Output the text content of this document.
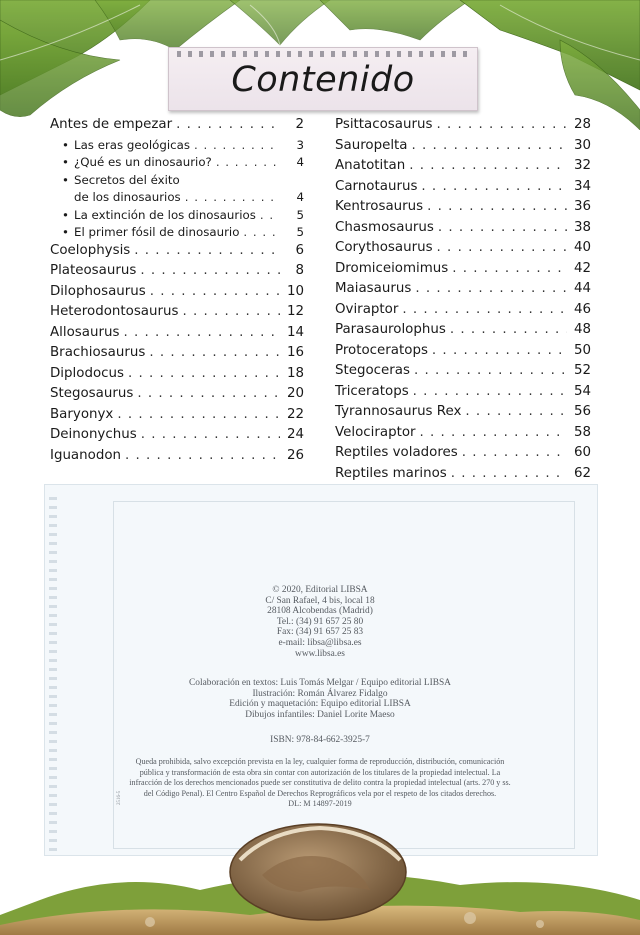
Contenido
Antes de empezar . . .	2
• Las eras geológicas . . .	3
• ¿Qué es un dinosaurio? . . .	4
• Secretos del éxito
de los dinosaurios . . .	4
• La extinción de los dinosaurios . . .	5
• El primer fósil de dinosaurio . . .	5
Coelophysis . . .	6
Plateosaurus . . .	8
Dilophosaurus . . .	10
Heterodontosaurus . . .	12
Allosaurus . . .	14
Brachiosaurus . . .	16
Diplodocus . . .	18
Stegosaurus . . .	20
Baryonyx . . .	22
Deinonychus . . .	24
Iguanodon . . .	26
Psittacosaurus . . .	28
Sauropelta . . .	30
Anatotitan . . .	32
Carnotaurus . . .	34
Kentrosaurus . . .	36
Chasmosaurus . . .	38
Corythosaurus . . .	40
Dromiceiomimus . . .	42
Maiasaurus . . .	44
Oviraptor . . .	46
Parasaurolophus . . .	48
Protoceratops . . .	50
Stegoceras . . .	52
Triceratops . . .	54
Tyrannosaurus Rex . . .	56
Velociraptor . . .	58
Reptiles voladores . . .	60
Reptiles marinos . . .	62
2516-5
© 2020, Editorial LIBSA
C/ San Rafael, 4 bis, local 18
28108 Alcobendas (Madrid)
Tel.: (34) 91 657 25 80
Fax: (34) 91 657 25 83
e-mail: libsa@libsa.es
www.libsa.es
Colaboración en textos: Luis Tomás Melgar / Equipo editorial LIBSA
Ilustración: Román Álvarez Fidalgo
Edición y maquetación: Equipo editorial LIBSA
Dibujos infantiles: Daniel Lorite Maeso
ISBN: 978-84-662-3925-7
Queda prohibida, salvo excepción prevista en la ley, cualquier forma de reproducción, distribución, comunicación
pública y transformación de esta obra sin contar con autorización de los titulares de la propiedad intelectual. La
infracción de los derechos mencionados puede ser constitutiva de delito contra la propiedad intelectual (arts. 270 y ss.
del Código Penal). El Centro Español de Derechos Reprográficos vela por el respeto de los citados derechos.
DL: M 14897-2019
